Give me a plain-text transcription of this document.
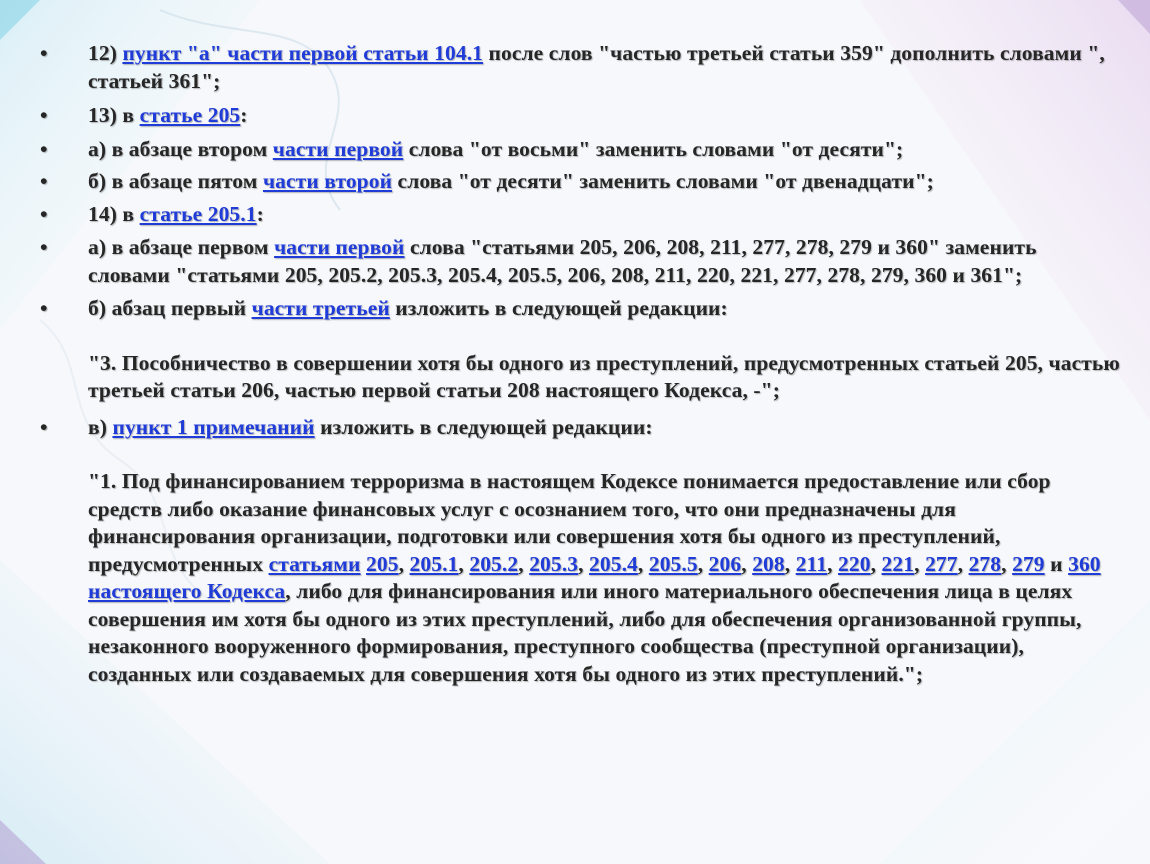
• 12) пункт "а" части первой статьи 104.1 после слов "частью третьей статьи 359" дополнить словами ", статьей 361";
• 13) в статье 205:
• а) в абзаце втором части первой слова "от восьми" заменить словами "от десяти";
• б) в абзаце пятом части второй слова "от десяти" заменить словами "от двенадцати";
• 14) в статье 205.1:
• а) в абзаце первом части первой слова "статьями 205, 206, 208, 211, 277, 278, 279 и 360" заменить словами "статьями 205, 205.2, 205.3, 205.4, 205.5, 206, 208, 211, 220, 221, 277, 278, 279, 360 и 361";
• б) абзац первый части третьей изложить в следующей редакции:
"3. Пособничество в совершении хотя бы одного из преступлений, предусмотренных статьей 205, частью третьей статьи 206, частью первой статьи 208 настоящего Кодекса, -";
• в) пункт 1 примечаний изложить в следующей редакции:
"1. Под финансированием терроризма в настоящем Кодексе понимается предоставление или сбор средств либо оказание финансовых услуг с осознанием того, что они предназначены для финансирования организации, подготовки или совершения хотя бы одного из преступлений, предусмотренных статьями 205, 205.1, 205.2, 205.3, 205.4, 205.5, 206, 208, 211, 220, 221, 277, 278, 279 и 360 настоящего Кодекса, либо для финансирования или иного материального обеспечения лица в целях совершения им хотя бы одного из этих преступлений, либо для обеспечения организованной группы, незаконного вооруженного формирования, преступного сообщества (преступной организации), созданных или создаваемых для совершения хотя бы одного из этих преступлений.";
